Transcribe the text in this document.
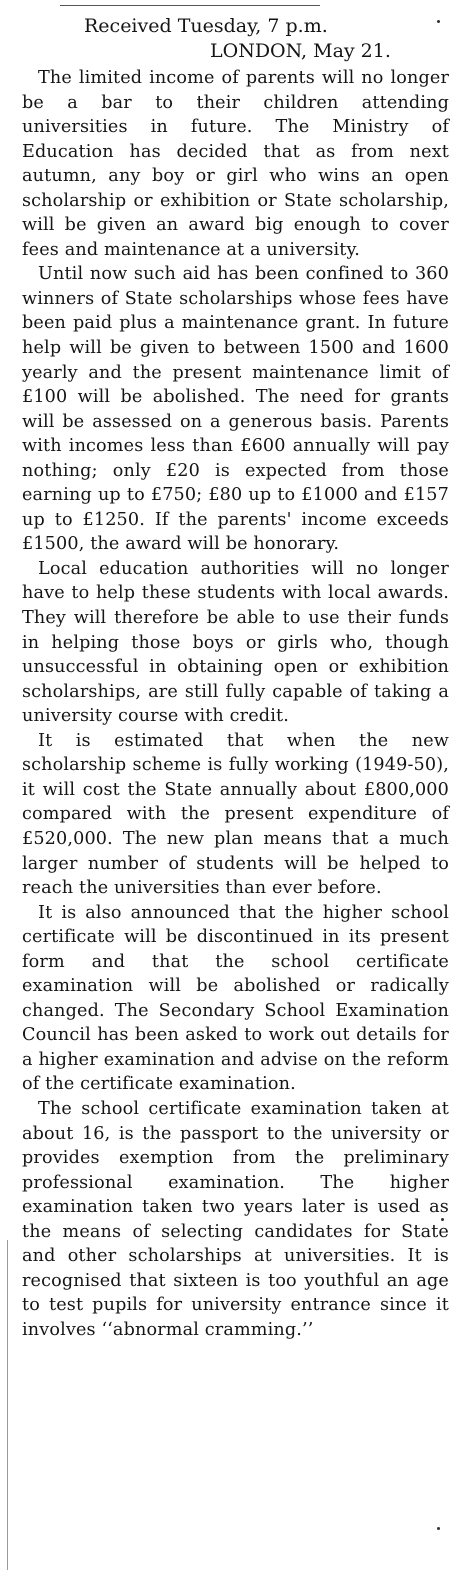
Received Tuesday, 7 p.m.
LONDON, May 21.

The limited income of parents will no longer be a bar to their children attending universities in future. The Ministry of Education has decided that as from next autumn, any boy or girl who wins an open scholarship or exhibition or State scholarship, will be given an award big enough to cover fees and maintenance at a university.

Until now such aid has been confined to 360 winners of State scholarships whose fees have been paid plus a maintenance grant. In future help will be given to between 1500 and 1600 yearly and the present maintenance limit of £100 will be abolished. The need for grants will be assessed on a generous basis. Parents with incomes less than £600 annually will pay nothing; only £20 is expected from those earning up to £750; £80 up to £1000 and £157 up to £1250. If the parents' income exceeds £1500, the award will be honorary.

Local education authorities will no longer have to help these students with local awards. They will therefore be able to use their funds in helping those boys or girls who, though unsuccessful in obtaining open or exhibition scholarships, are still fully capable of taking a university course with credit.

It is estimated that when the new scholarship scheme is fully working (1949-50), it will cost the State annually about £800,000 compared with the present expenditure of £520,000. The new plan means that a much larger number of students will be helped to reach the universities than ever before.

It is also announced that the higher school certificate will be discontinued in its present form and that the school certificate examination will be abolished or radically changed. The Secondary School Examination Council has been asked to work out details for a higher examination and advise on the reform of the certificate examination.

The school certificate examination taken at about 16, is the passport to the university or provides exemption from the preliminary professional examination. The higher examination taken two years later is used as the means of selecting candidates for State and other scholarships at universities. It is recognised that sixteen is too youthful an age to test pupils for university entrance since it involves ‘‘abnormal cramming.’’
